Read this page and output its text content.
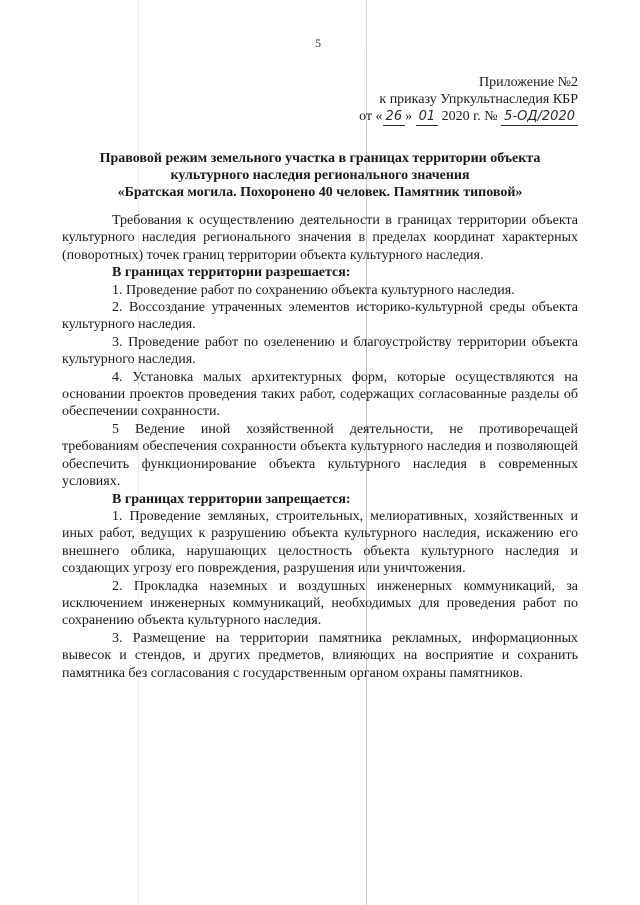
5
Приложение №2
к приказу Упркультнаследия КБР
от « 26 » 01 2020 г. № 5-ОД/2020
Правовой режим земельного участка в границах территории объекта
культурного наследия регионального значения
«Братская могила. Похоронено 40 человек. Памятник типовой»

Требования к осуществлению деятельности в границах территории объекта культурного наследия регионального значения в пределах координат характерных (поворотных) точек границ территории объекта культурного наследия.

В границах территории разрешается:

1. Проведение работ по сохранению объекта культурного наследия.

2. Воссоздание утраченных элементов историко-культурной среды объекта культурного наследия.

3. Проведение работ по озеленению и благоустройству территории объекта культурного наследия.

4. Установка малых архитектурных форм, которые осуществляются на основании проектов проведения таких работ, содержащих согласованные разделы об обеспечении сохранности.

5 Ведение иной хозяйственной деятельности, не противоречащей требованиям обеспечения сохранности объекта культурного наследия и позволяющей обеспечить функционирование объекта культурного наследия в современных условиях.

В границах территории запрещается:

1. Проведение земляных, строительных, мелиоративных, хозяйственных и иных работ, ведущих к разрушению объекта культурного наследия, искажению его внешнего облика, нарушающих целостность объекта культурного наследия и создающих угрозу его повреждения, разрушения или уничтожения.

2. Прокладка наземных и воздушных инженерных коммуникаций, за исключением инженерных коммуникаций, необходимых для проведения работ по сохранению объекта культурного наследия.

3. Размещение на территории памятника рекламных, информационных вывесок и стендов, и других предметов, влияющих на восприятие и сохранить памятника без согласования с государственным органом охраны памятников.
